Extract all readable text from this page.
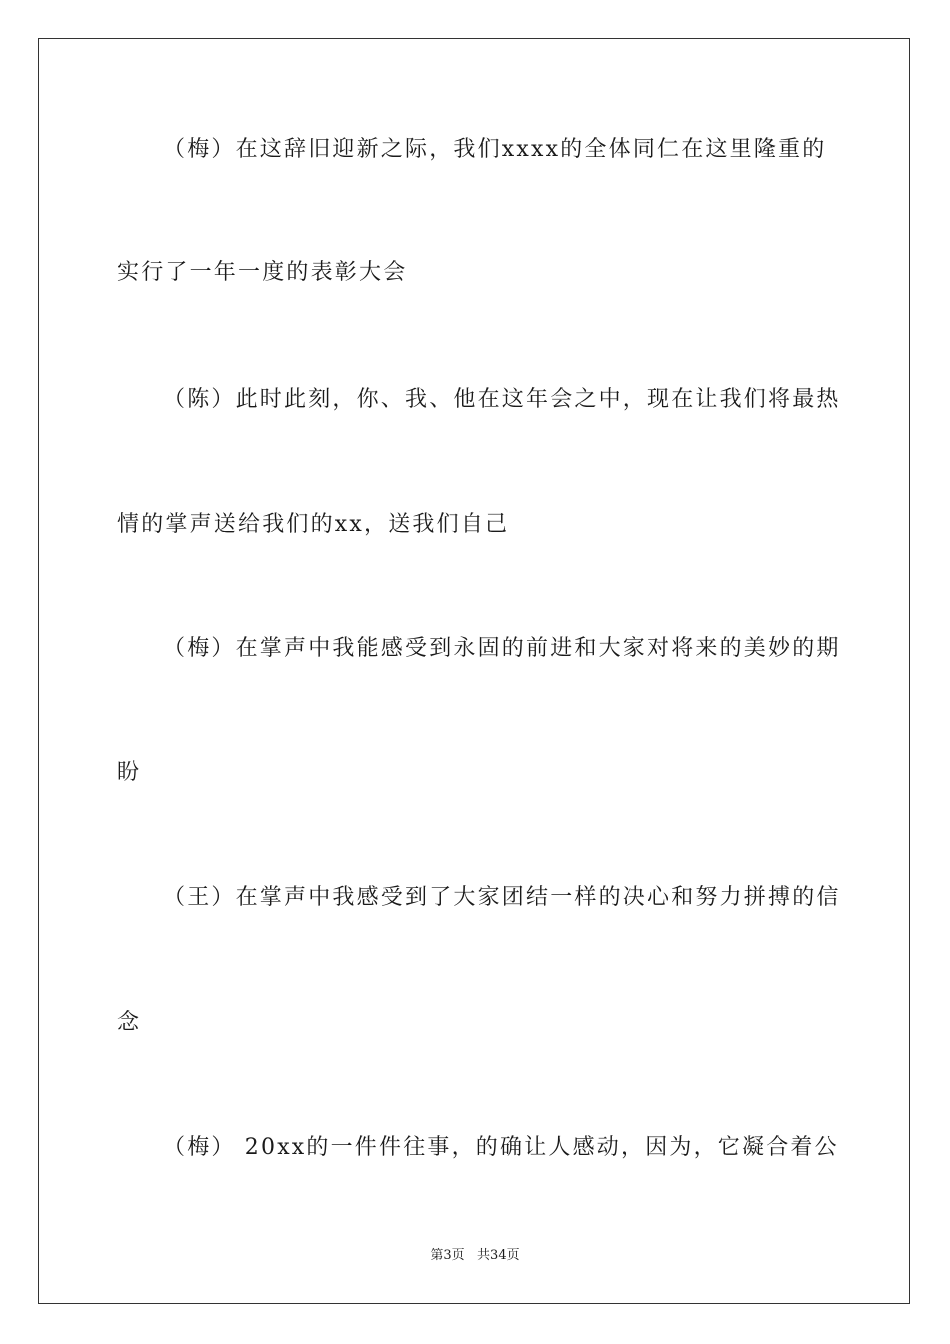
（梅）在这辞旧迎新之际，我们xxxx的全体同仁在这里隆重的
实行了一年一度的表彰大会
（陈）此时此刻，你、我、他在这年会之中，现在让我们将最热
情的掌声送给我们的xx，送我们自己
（梅）在掌声中我能感受到永固的前进和大家对将来的美妙的期
盼
（王）在掌声中我感受到了大家团结一样的决心和努力拼搏的信
念
（梅） 20xx的一件件往事，的确让人感动，因为，它凝合着公
第3页   共34页
